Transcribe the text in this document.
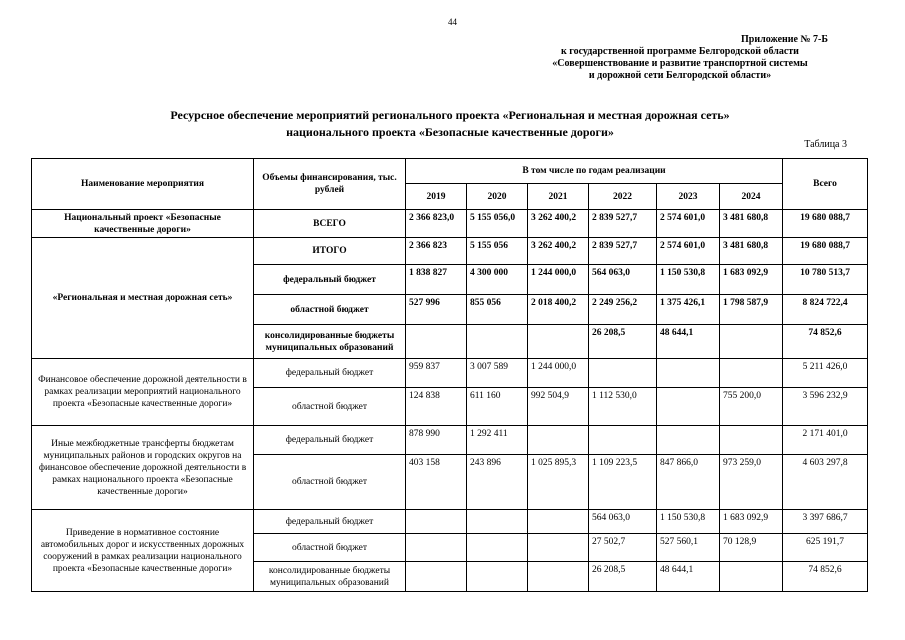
44
Приложение № 7-Б
к государственной программе Белгородской области
«Совершенствование и развитие транспортной системы
и дорожной сети Белгородской области»
Ресурсное обеспечение мероприятий регионального проекта «Региональная и местная дорожная сеть»
национального проекта «Безопасные качественные дороги»
Таблица 3
Наименование мероприятия	Объемы финансирования, тыс. рублей	В том числе по годам реализации						Всего
		2019	2020	2021	2022	2023	2024	
Национальный проект «Безопасные качественные дороги»	ВСЕГО	2 366 823,0	5 155 056,0	3 262 400,2	2 839 527,7	2 574 601,0	3 481 680,8	19 680 088,7
«Региональная и местная дорожная сеть»	ИТОГО	2 366 823	5 155 056	3 262 400,2	2 839 527,7	2 574 601,0	3 481 680,8	19 680 088,7
	федеральный бюджет	1 838 827	4 300 000	1 244 000,0	564 063,0	1 150 530,8	1 683 092,9	10 780 513,7
	областной бюджет	527 996	855 056	2 018 400,2	2 249 256,2	1 375 426,1	1 798 587,9	8 824 722,4
	консолидированные бюджеты муниципальных образований				26 208,5	48 644,1		74 852,6
Финансовое обеспечение дорожной деятельности в рамках реализации мероприятий национального проекта «Безопасные качественные дороги»	федеральный бюджет	959 837	3 007 589	1 244 000,0				5 211 426,0
	областной бюджет	124 838	611 160	992 504,9	1 112 530,0		755 200,0	3 596 232,9
Иные межбюджетные трансферты бюджетам муниципальных районов и городских округов на финансовое обеспечение дорожной деятельности в рамках национального проекта «Безопасные качественные дороги»	федеральный бюджет	878 990	1 292 411					2 171 401,0
	областной бюджет	403 158	243 896	1 025 895,3	1 109 223,5	847 866,0	973 259,0	4 603 297,8
Приведение в нормативное состояние автомобильных дорог и искусственных дорожных сооружений в рамках реализации национального проекта «Безопасные качественные дороги»	федеральный бюджет				564 063,0	1 150 530,8	1 683 092,9	3 397 686,7
	областной бюджет				27 502,7	527 560,1	70 128,9	625 191,7
	консолидированные бюджеты муниципальных образований				26 208,5	48 644,1		74 852,6
